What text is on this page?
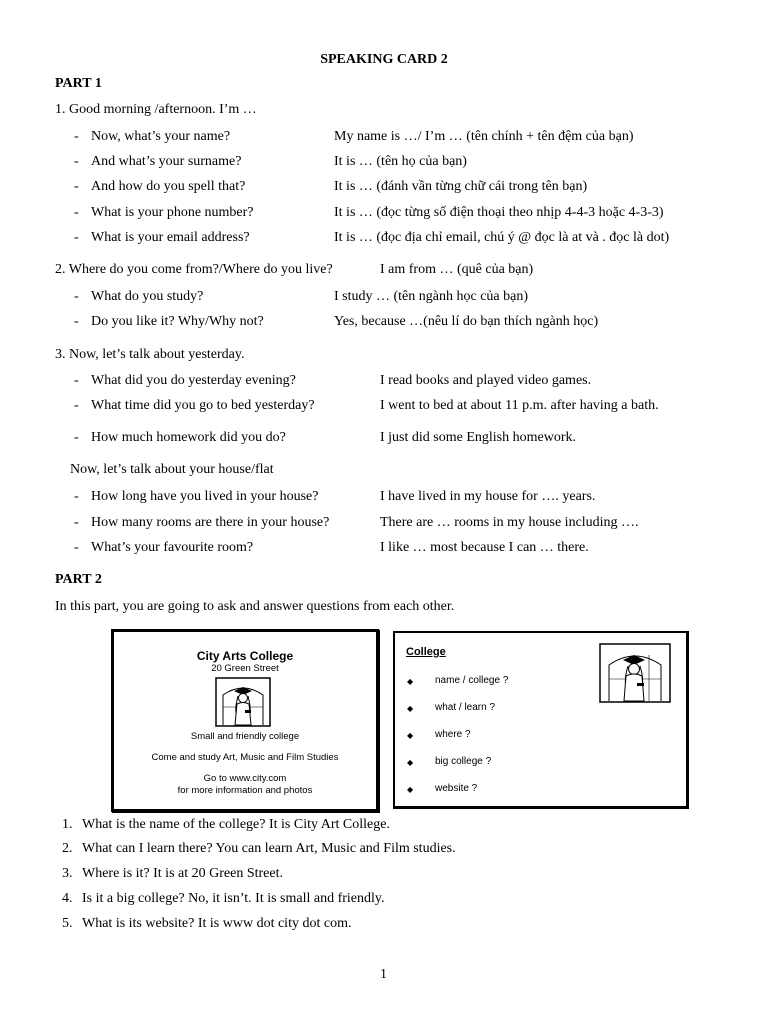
SPEAKING CARD 2
PART 1
1. Good morning /afternoon. I’m …
- Now, what’s your name?	My name is …/ I’m … (tên chính + tên đệm của bạn)
- And what’s your surname?	It is … (tên họ của bạn)
- And how do you spell that?	It is … (đánh vần từng chữ cái trong tên bạn)
- What is your phone number?	It is … (đọc từng số điện thoại theo nhịp 4-4-3 hoặc 4-3-3)
- What is your email address?	It is … (đọc địa chỉ email, chú ý @ đọc là at và . đọc là dot)
2. Where do you come from?/Where do you live?	I am from … (quê của bạn)
- What do you study?	I study … (tên ngành học của bạn)
- Do you like it? Why/Why not?	Yes, because …(nêu lí do bạn thích ngành học)
3. Now, let’s talk about yesterday.
- What did you do yesterday evening?	I read books and played video games.
- What time did you go to bed yesterday?	I went to bed at about 11 p.m. after having a bath.
- How much homework did you do?	I just did some English homework.
Now, let’s talk about your house/flat
- How long have you lived in your house?	I have lived in my house for …. years.
- How many rooms are there in your house?	There are … rooms in my house including ….
- What’s your favourite room?	I like … most because I can … there.
PART 2
In this part, you are going to ask and answer questions from each other.
City Arts College
20 Green Street
Small and friendly college
Come and study Art, Music and Film Studies
Go to www.city.com
for more information and photos
College
◆ name / college ?
◆ what / learn ?
◆ where ?
◆ big college ?
◆ website ?
1. What is the name of the college? It is City Art College.
2. What can I learn there? You can learn Art, Music and Film studies.
3. Where is it? It is at 20 Green Street.
4. Is it a big college? No, it isn’t. It is small and friendly.
5. What is its website? It is www dot city dot com.
1
